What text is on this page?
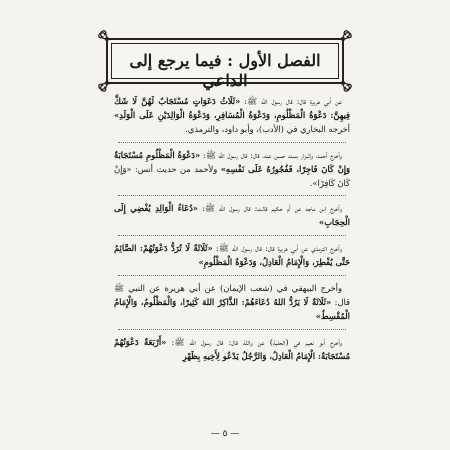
الفصل الأول : فيما يرجع إلى الداعي

عن أبي هريرة قال: قال رسول الله ﷺ: «ثَلَاثُ دَعَوَاتٍ مُسْتَجَابٌ لَهُنَّ لَا شَكَّ فِيهِنَّ: دَعْوَةُ الْمَظْلُومِ، وَدَعْوَةُ الْمُسَافِرِ، وَدَعْوَةُ الْوَالِدَيْنِ عَلَى الْوَلَدِ» أخرجه البخاري في (الأدب)، وأبو داود، والترمذي.

وأخرج أحمد، والبزار بسند حسن عنه، قال: قال رسول الله ﷺ: «دَعْوَةُ الْمَظْلُومِ مُسْتَجَابَةٌ وَإِنْ كَانَ فَاجِرًا، فَفُجُورُهُ عَلَى نَفْسِهِ» ولأحمد من حديث أنس: «وَإِنْ كَانَ كَافِرًا».

وأخرج ابن ماجه عن أم حكيم قالت: قال رسول الله ﷺ: «دُعَاءُ الْوَالِدِ يُفْضِي إِلَى الْحِجَابِ»

وأخرج الترمذي عن أبي هريرة قال: قال رسول الله ﷺ: «ثَلَاثَةٌ لَا تُرَدُّ دَعْوَتُهُمْ: الصَّائِمُ حَتَّى يُفْطِرَ، وَالْإِمَامُ الْعَادِلُ، وَدَعْوَةُ الْمَظْلُومِ»

وأخرج البيهقي في (شعب الإيمان) عن أبي هريرة عن النبي ﷺ قال: «ثَلَاثَةٌ لَا يَرُدُّ اللهُ دُعَاءَهُمْ: الذَّاكِرُ اللهَ كَثِيرًا، وَالْمَظْلُومُ، وَالْإِمَامُ الْمُقْسِطُ»

وأخرج أبو نعيم في (الحلية) عن واثلة قال: قال رسول الله ﷺ: «أَرْبَعَةٌ دَعْوَتُهُمْ مُسْتَجَابَةٌ: الْإِمَامُ الْعَادِلُ، وَالرَّجُلُ يَدْعُو لِأَخِيهِ بِظَهْرِ

— ٥ —
